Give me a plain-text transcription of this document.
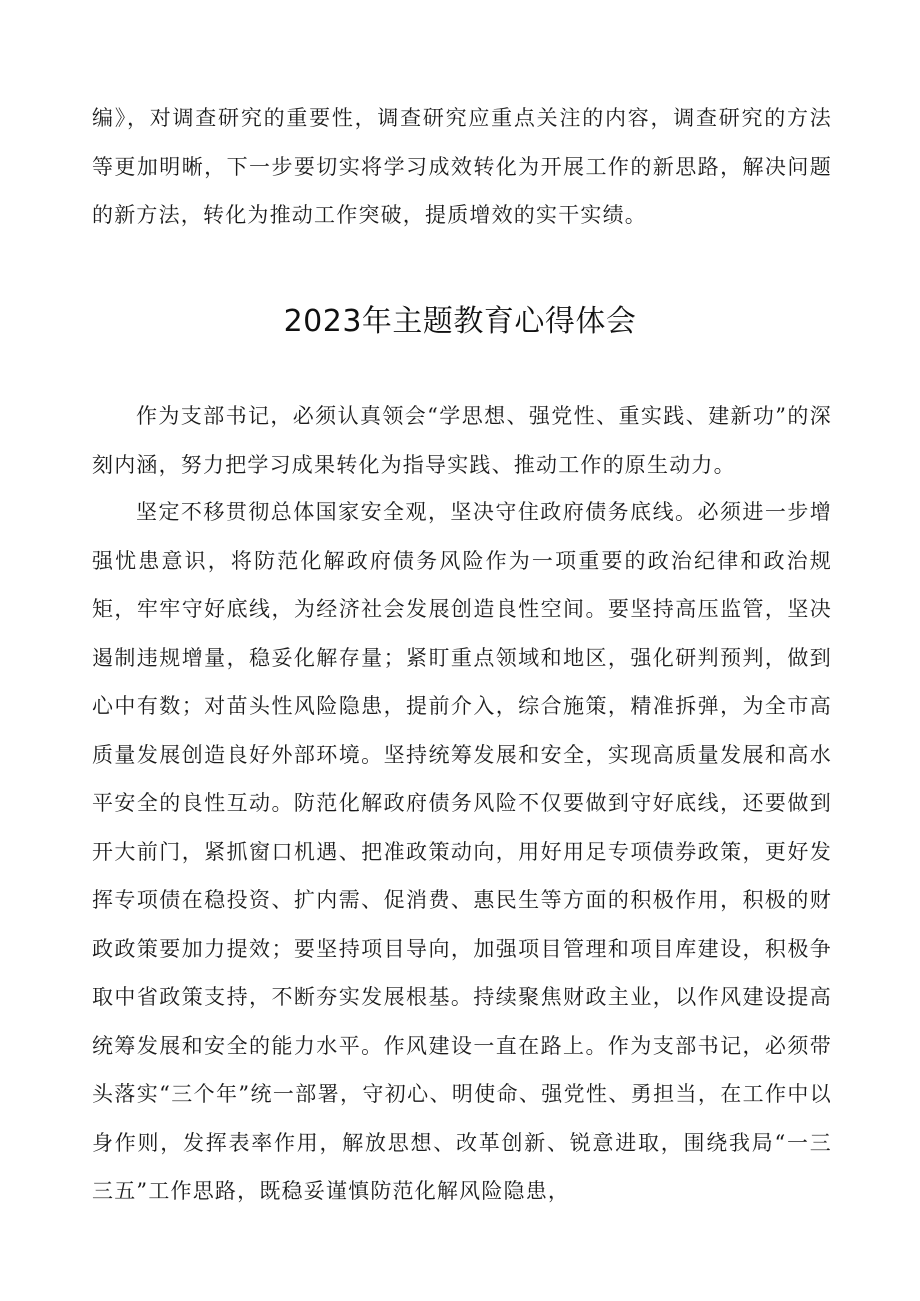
编》，对调查研究的重要性，调查研究应重点关注的内容，调查研究的方法等更加明晰，下一步要切实将学习成效转化为开展工作的新思路，解决问题的新方法，转化为推动工作突破，提质增效的实干实绩。

2023年主题教育心得体会

作为支部书记，必须认真领会“学思想、强党性、重实践、建新功”的深刻内涵，努力把学习成果转化为指导实践、推动工作的原生动力。

坚定不移贯彻总体国家安全观，坚决守住政府债务底线。必须进一步增强忧患意识，将防范化解政府债务风险作为一项重要的政治纪律和政治规矩，牢牢守好底线，为经济社会发展创造良性空间。要坚持高压监管，坚决遏制违规增量，稳妥化解存量；紧盯重点领域和地区，强化研判预判，做到心中有数；对苗头性风险隐患，提前介入，综合施策，精准拆弹，为全市高质量发展创造良好外部环境。坚持统筹发展和安全，实现高质量发展和高水平安全的良性互动。防范化解政府债务风险不仅要做到守好底线，还要做到开大前门，紧抓窗口机遇、把准政策动向，用好用足专项债券政策，更好发挥专项债在稳投资、扩内需、促消费、惠民生等方面的积极作用，积极的财政政策要加力提效；要坚持项目导向，加强项目管理和项目库建设，积极争取中省政策支持，不断夯实发展根基。持续聚焦财政主业，以作风建设提高统筹发展和安全的能力水平。作风建设一直在路上。作为支部书记，必须带头落实“三个年”统一部署，守初心、明使命、强党性、勇担当，在工作中以身作则，发挥表率作用，解放思想、改革创新、锐意进取，围绕我局“一三三五”工作思路，既稳妥谨慎防范化解风险隐患，
